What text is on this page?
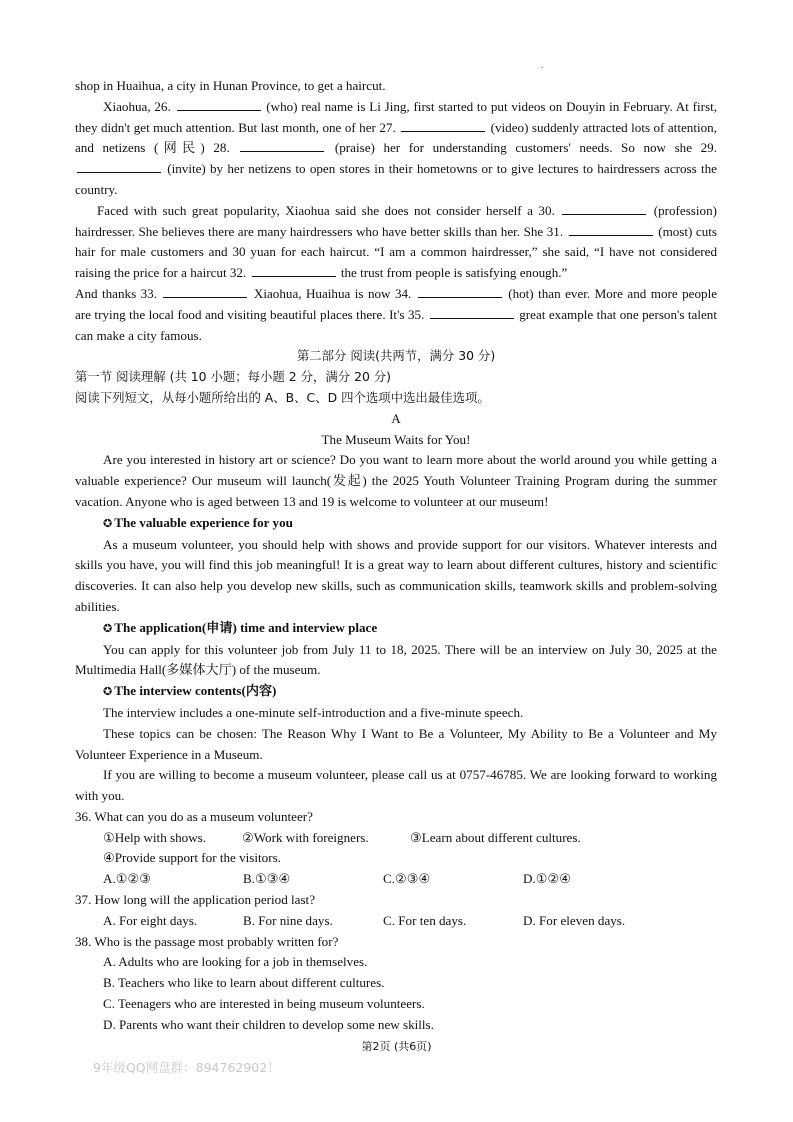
.

shop in Huaihua, a city in Hunan Province, to get a haircut.

Xiaohua, 26.	(who) real name is Li Jing, first started to put videos on Douyin in February. At first, they didn't get much attention. But last month, one of her 27.	(video) suddenly attracted lots of attention, and netizens (网民) 28.	(praise) her for understanding customers' needs. So now she 29.  (invite) by her netizens to open stores in their hometowns or to give lectures to hairdressers across the country.

Faced with such great popularity, Xiaohua said she does not consider herself a 30.	(profession) hairdresser. She believes there are many hairdressers who have better skills than her. She 31.	(most) cuts hair for male customers and 30 yuan for each haircut. “I am a common hairdresser,” she said, “I have not considered raising the price for a haircut 32.	the trust from people is satisfying enough.”

And thanks 33.	Xiaohua, Huaihua is now 34.	(hot) than ever. More and more people are trying the local food and visiting beautiful places there. It's 35.	great example that one person's talent can make a city famous.

第二部分 阅读(共两节，满分 30 分)

第一节 阅读理解 (共 10 小题；每小题 2 分，满分 20 分)

阅读下列短文，从每小题所给出的 A、B、C、D 四个选项中选出最佳选项。

A

The Museum Waits for You!

Are you interested in history art or science? Do you want to learn more about the world around you while getting a valuable experience? Our museum will launch(发起) the 2025 Youth Volunteer Training Program during the summer vacation. Anyone who is aged between 13 and 19 is welcome to volunteer at our museum!

✪ The valuable experience for you

As a museum volunteer, you should help with shows and provide support for our visitors. Whatever interests and skills you have, you will find this job meaningful! It is a great way to learn about different cultures, history and scientific discoveries. It can also help you develop new skills, such as communication skills, teamwork skills and problem-solving abilities.

✪ The application(申请) time and interview place

You can apply for this volunteer job from July 11 to 18, 2025. There will be an interview on July 30, 2025 at the Multimedia Hall(多媒体大厅) of the museum.

✪ The interview contents(内容)

The interview includes a one-minute self-introduction and a five-minute speech.

These topics can be chosen: The Reason Why I Want to Be a Volunteer, My Ability to Be a Volunteer and My Volunteer Experience in a Museum.

If you are willing to become a museum volunteer, please call us at 0757-46785. We are looking forward to working with you.

36. What can you do as a museum volunteer?

①Help with shows.	②Work with foreigners.	③Learn about different cultures.
④Provide support for the visitors.
A.①②③	B.①③④	C.②③④	D.①②④

37. How long will the application period last?

A. For eight days.	B. For nine days.	C. For ten days.	D. For eleven days.

38. Who is the passage most probably written for?

A. Adults who are looking for a job in themselves.
B. Teachers who like to learn about different cultures.
C. Teenagers who are interested in being museum volunteers.
D. Parents who want their children to develop some new skills.
第2页 (共6页)
9年级QQ网盘群：894762902！
